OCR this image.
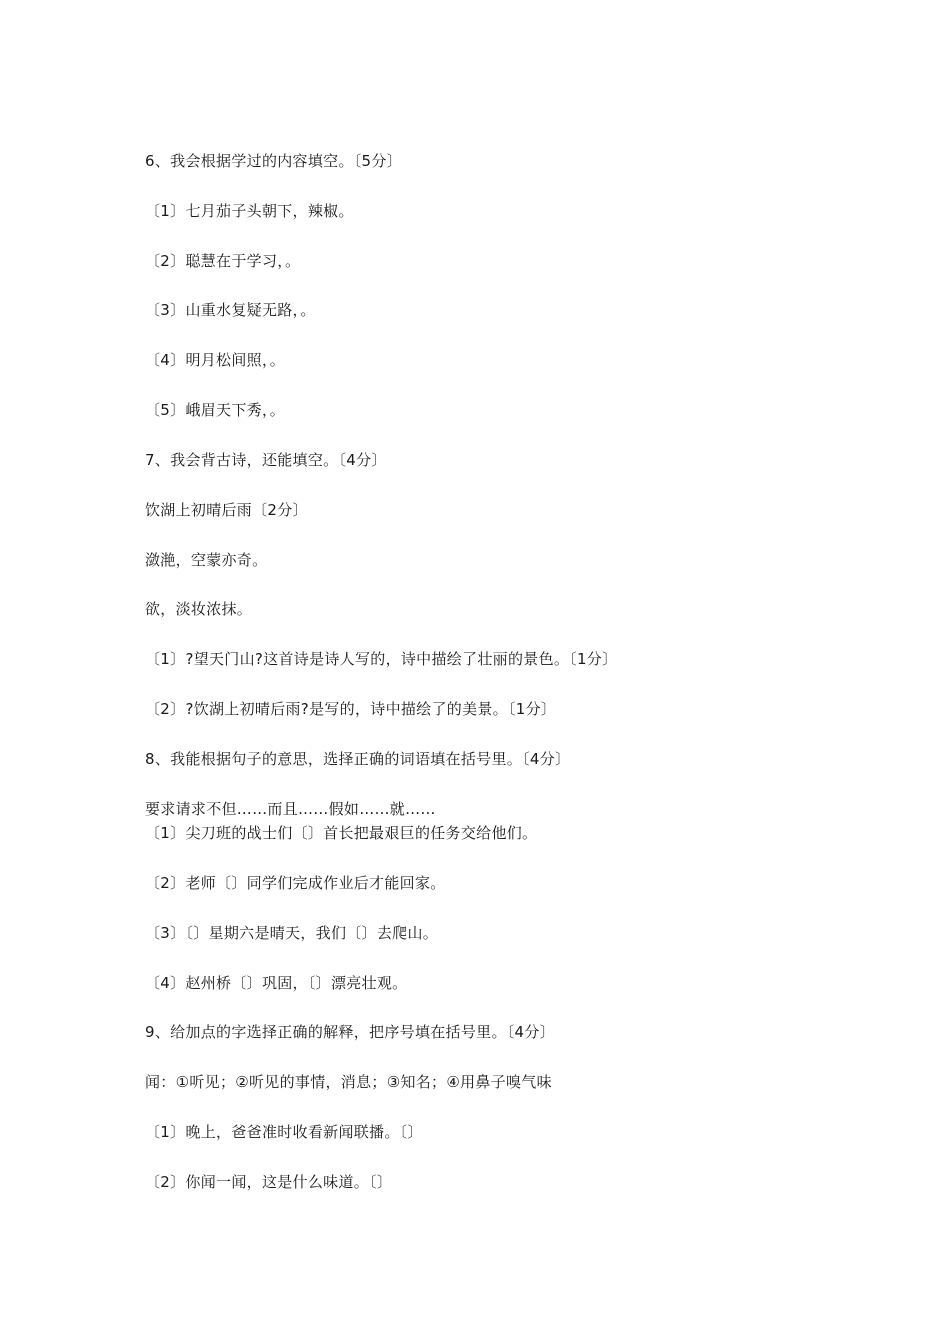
6、我会根据学过的内容填空。〔5分〕
〔1〕七月茄子头朝下，辣椒。
〔2〕聪慧在于学习，。
〔3〕山重水复疑无路，。
〔4〕明月松间照，。
〔5〕峨眉天下秀，。
7、我会背古诗，还能填空。〔4分〕
饮湖上初晴后雨〔2分〕
潋滟，空蒙亦奇。
欲，淡妆浓抹。
〔1〕?望天门山?这首诗是诗人写的，诗中描绘了壮丽的景色。〔1分〕
〔2〕?饮湖上初晴后雨?是写的，诗中描绘了的美景。〔1分〕
8、我能根据句子的意思，选择正确的词语填在括号里。〔4分〕
要求请求不但……而且……假如……就……
〔1〕尖刀班的战士们〔〕首长把最艰巨的任务交给他们。
〔2〕老师〔〕同学们完成作业后才能回家。
〔3〕〔〕星期六是晴天，我们〔〕去爬山。
〔4〕赵州桥〔〕巩固，〔〕漂亮壮观。
9、给加点的字选择正确的解释，把序号填在括号里。〔4分〕
闻：①听见；②听见的事情，消息；③知名；④用鼻子嗅气味
〔1〕晚上，爸爸准时收看新闻联播。〔〕
〔2〕你闻一闻，这是什么味道。〔〕
